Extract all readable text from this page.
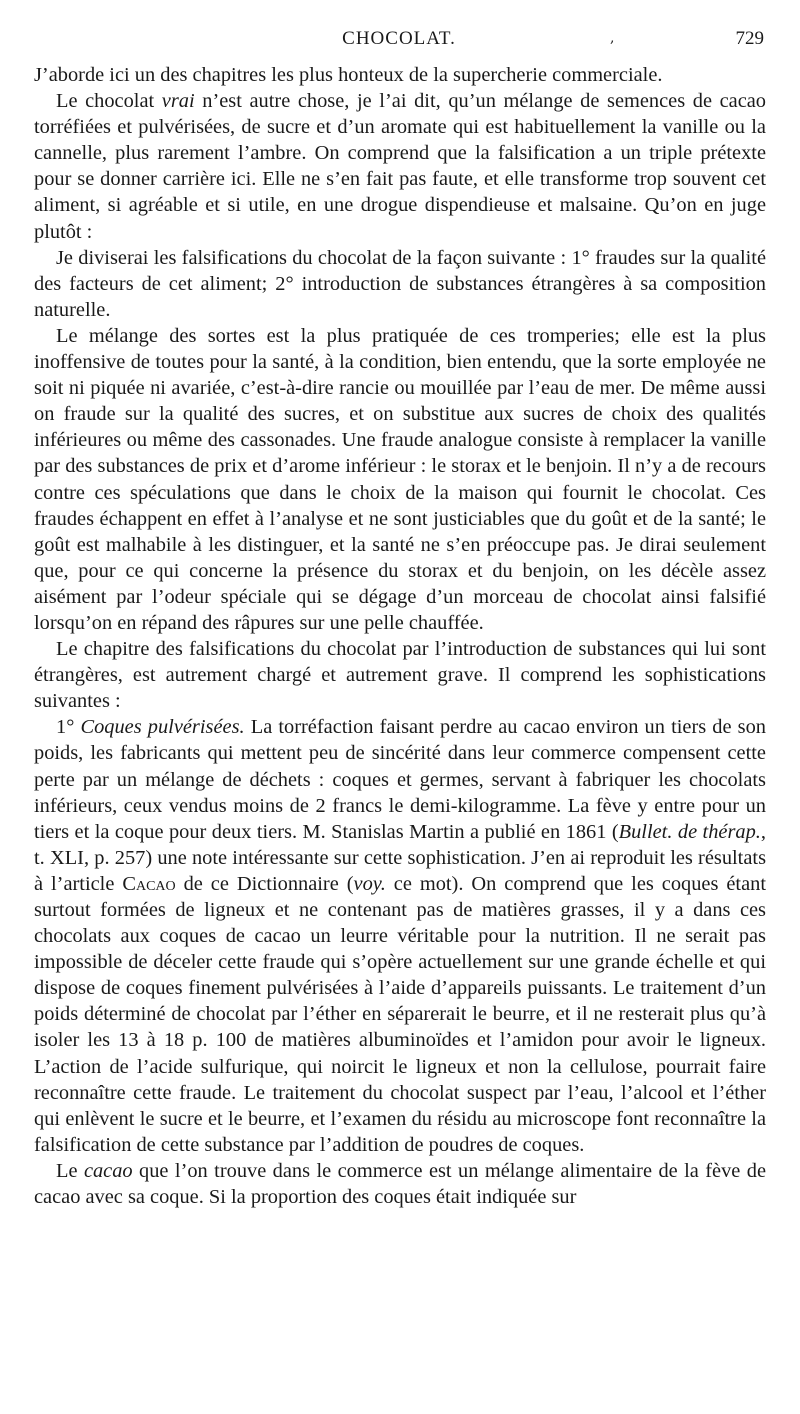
CHOCOLAT.	,	729

J’aborde ici un des chapitres les plus honteux de la supercherie commerciale.

Le chocolat vrai n’est autre chose, je l’ai dit, qu’un mélange de semences de cacao torréfiées et pulvérisées, de sucre et d’un aromate qui est habituellement la vanille ou la cannelle, plus rarement l’ambre. On comprend que la falsification a un triple prétexte pour se donner carrière ici. Elle ne s’en fait pas faute, et elle transforme trop souvent cet aliment, si agréable et si utile, en une drogue dispendieuse et malsaine. Qu’on en juge plutôt :

Je diviserai les falsifications du chocolat de la façon suivante : 1° fraudes sur la qualité des facteurs de cet aliment; 2° introduction de substances étrangères à sa composition naturelle.

Le mélange des sortes est la plus pratiquée de ces tromperies; elle est la plus inoffensive de toutes pour la santé, à la condition, bien entendu, que la sorte employée ne soit ni piquée ni avariée, c’est-à-dire rancie ou mouillée par l’eau de mer. De même aussi on fraude sur la qualité des sucres, et on substitue aux sucres de choix des qualités inférieures ou même des cassonades. Une fraude analogue consiste à remplacer la vanille par des substances de prix et d’arome inférieur : le storax et le benjoin. Il n’y a de recours contre ces spéculations que dans le choix de la maison qui fournit le chocolat. Ces fraudes échappent en effet à l’analyse et ne sont justiciables que du goût et de la santé; le goût est malhabile à les distinguer, et la santé ne s’en préoccupe pas. Je dirai seulement que, pour ce qui concerne la présence du storax et du benjoin, on les décèle assez aisément par l’odeur spéciale qui se dégage d’un morceau de chocolat ainsi falsifié lorsqu’on en répand des râpures sur une pelle chauffée.

Le chapitre des falsifications du chocolat par l’introduction de substances qui lui sont étrangères, est autrement chargé et autrement grave. Il comprend les sophistications suivantes :

1° Coques pulvérisées. La torréfaction faisant perdre au cacao environ un tiers de son poids, les fabricants qui mettent peu de sincérité dans leur commerce compensent cette perte par un mélange de déchets : coques et germes, servant à fabriquer les chocolats inférieurs, ceux vendus moins de 2 francs le demi-kilogramme. La fève y entre pour un tiers et la coque pour deux tiers. M. Stanislas Martin a publié en 1861 (Bullet. de thérap., t. XLI, p. 257) une note intéressante sur cette sophistication. J’en ai reproduit les résultats à l’article Cacao de ce Dictionnaire (voy. ce mot). On comprend que les coques étant surtout formées de ligneux et ne contenant pas de matières grasses, il y a dans ces chocolats aux coques de cacao un leurre véritable pour la nutrition. Il ne serait pas impossible de déceler cette fraude qui s’opère actuellement sur une grande échelle et qui dispose de coques finement pulvérisées à l’aide d’appareils puissants. Le traitement d’un poids déterminé de chocolat par l’éther en séparerait le beurre, et il ne resterait plus qu’à isoler les 13 à 18 p. 100 de matières albuminoïdes et l’amidon pour avoir le ligneux. L’action de l’acide sulfurique, qui noircit le ligneux et non la cellulose, pourrait faire reconnaître cette fraude. Le traitement du chocolat suspect par l’eau, l’alcool et l’éther qui enlèvent le sucre et le beurre, et l’examen du résidu au microscope font reconnaître la falsification de cette substance par l’addition de poudres de coques.

Le cacao que l’on trouve dans le commerce est un mélange alimentaire de la fève de cacao avec sa coque. Si la proportion des coques était indiquée sur
